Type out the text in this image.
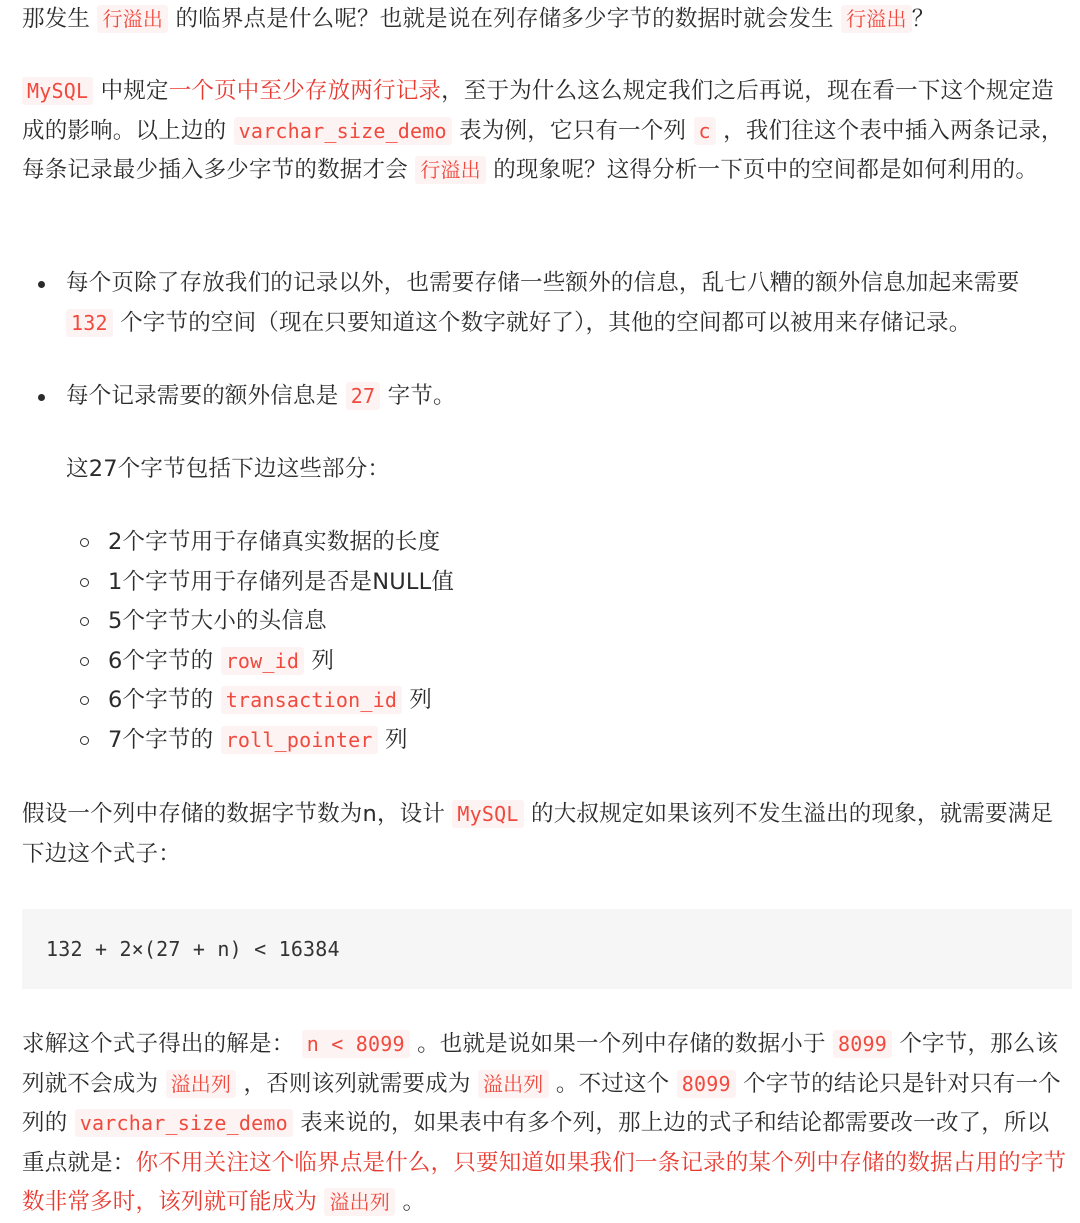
那发生 行溢出 的临界点是什么呢？也就是说在列存储多少字节的数据时就会发生 行溢出 ？

MySQL 中规定一个页中至少存放两行记录，至于为什么这么规定我们之后再说，现在看一下这个规定造成的影响。以上边的 varchar_size_demo 表为例，它只有一个列 c ，我们往这个表中插入两条记录，每条记录最少插入多少字节的数据才会 行溢出 的现象呢？这得分析一下页中的空间都是如何利用的。

每个页除了存放我们的记录以外，也需要存储一些额外的信息，乱七八糟的额外信息加起来需要
132 个字节的空间（现在只要知道这个数字就好了），其他的空间都可以被用来存储记录。
每个记录需要的额外信息是 27 字节。
这27个字节包括下边这些部分：
2个字节用于存储真实数据的长度
1个字节用于存储列是否是NULL值
5个字节大小的头信息
6个字节的 row_id 列
6个字节的 transaction_id 列
7个字节的 roll_pointer 列

假设一个列中存储的数据字节数为n，设计 MySQL 的大叔规定如果该列不发生溢出的现象，就需要满足下边这个式子：

132 + 2×(27 + n) < 16384

求解这个式子得出的解是： n < 8099 。也就是说如果一个列中存储的数据小于 8099 个字节，那么该列就不会成为 溢出列 ，否则该列就需要成为 溢出列 。不过这个 8099 个字节的结论只是针对只有一个列的 varchar_size_demo 表来说的，如果表中有多个列，那上边的式子和结论都需要改一改了，所以重点就是：你不用关注这个临界点是什么，只要知道如果我们一条记录的某个列中存储的数据占用的字节数非常多时，该列就可能成为 溢出列 。
